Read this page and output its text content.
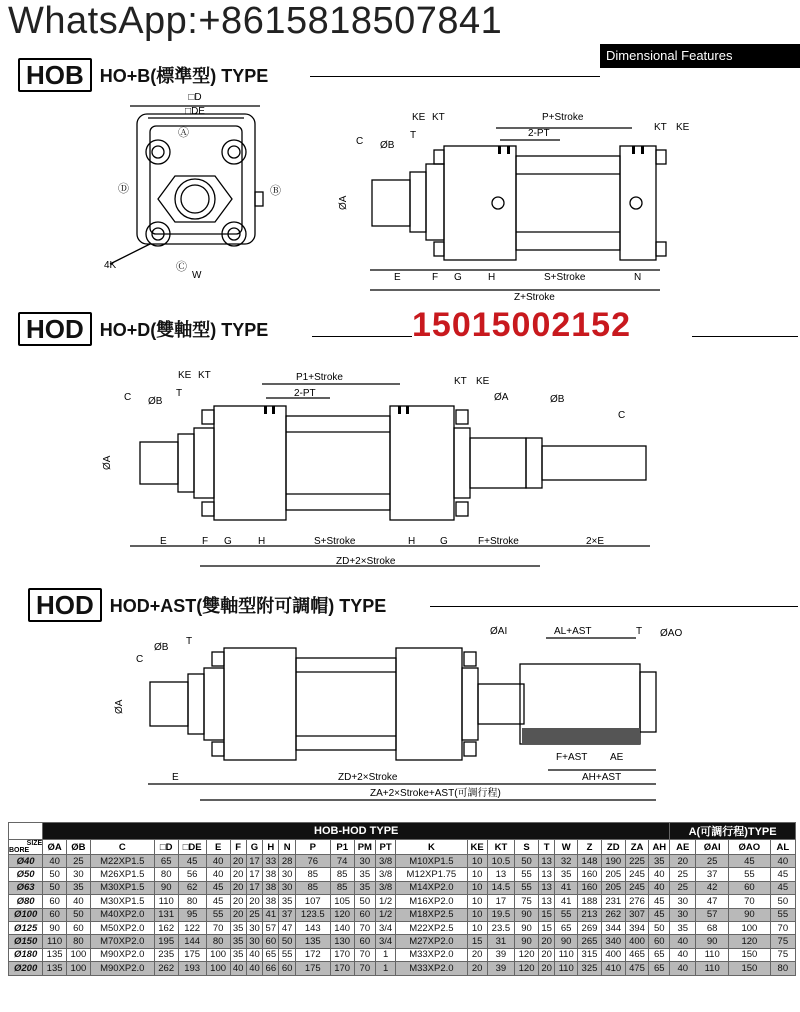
WhatsApp:+8615818507841
Dimensional Features
HOB HO+B(標準型) TYPE
□D
□DE
Ⓐ
Ⓓ	Ⓑ
Ⓒ
W
4K
KE KT
T
C ØB
ØA
P+Stroke
2-PT
KT KE
E	F G	H	S+Stroke	N
Z+Stroke
HOD HO+D(雙軸型) TYPE	15015002152
KE KT
C ØB
T
ØA
P1+Stroke
2-PT
KT KE
ØA	ØB
C
E	F G	H	S+Stroke	H G	F+Stroke	2×E
ZD+2×Stroke
HOD HOD+AST(雙軸型附可調帽) TYPE
C
ØB
T
ØA
ØAI	AL+AST	T ØAO
F+AST AE
AH+AST
E	ZD+2×Stroke
ZA+2×Stroke+AST(可調行程)
	HOB-HOD TYPE																								A(可調行程)TYPE			

SIZE
BORE	ØA	ØB	C	□D	□DE	E	F	G	H	N	P	P1	PM	PT	K	KE	KT	S	T	W	Z	ZD	ZA	AH	AE	ØAI	ØAO	AL
Ø40	40	25	M22XP1.5	65	45	40	20	17	33	28	76	74	30	3/8	M10XP1.5	10	10.5	50	13	32	148	190	225	35	20	25	45	40
Ø50	50	30	M26XP1.5	80	56	40	20	17	38	30	85	85	35	3/8	M12XP1.75	10	13	55	13	35	160	205	245	40	25	37	55	45
Ø63	50	35	M30XP1.5	90	62	45	20	17	38	30	85	85	35	3/8	M14XP2.0	10	14.5	55	13	41	160	205	245	40	25	42	60	45
Ø80	60	40	M30XP1.5	110	80	45	20	20	38	35	107	105	50	1/2	M16XP2.0	10	17	75	13	41	188	231	276	45	30	47	70	50
Ø100	60	50	M40XP2.0	131	95	55	20	25	41	37	123.5	120	60	1/2	M18XP2.5	10	19.5	90	15	55	213	262	307	45	30	57	90	55
Ø125	90	60	M50XP2.0	162	122	70	35	30	57	47	143	140	70	3/4	M22XP2.5	10	23.5	90	15	65	269	344	394	50	35	68	100	70
Ø150	110	80	M70XP2.0	195	144	80	35	30	60	50	135	130	60	3/4	M27XP2.0	15	31	90	20	90	265	340	400	60	40	90	120	75
Ø180	135	100	M90XP2.0	235	175	100	35	40	65	55	172	170	70	1	M33XP2.0	20	39	120	20	110	315	400	465	65	40	110	150	75
Ø200	135	100	M90XP2.0	262	193	100	40	40	66	60	175	170	70	1	M33XP2.0	20	39	120	20	110	325	410	475	65	40	110	150	80
